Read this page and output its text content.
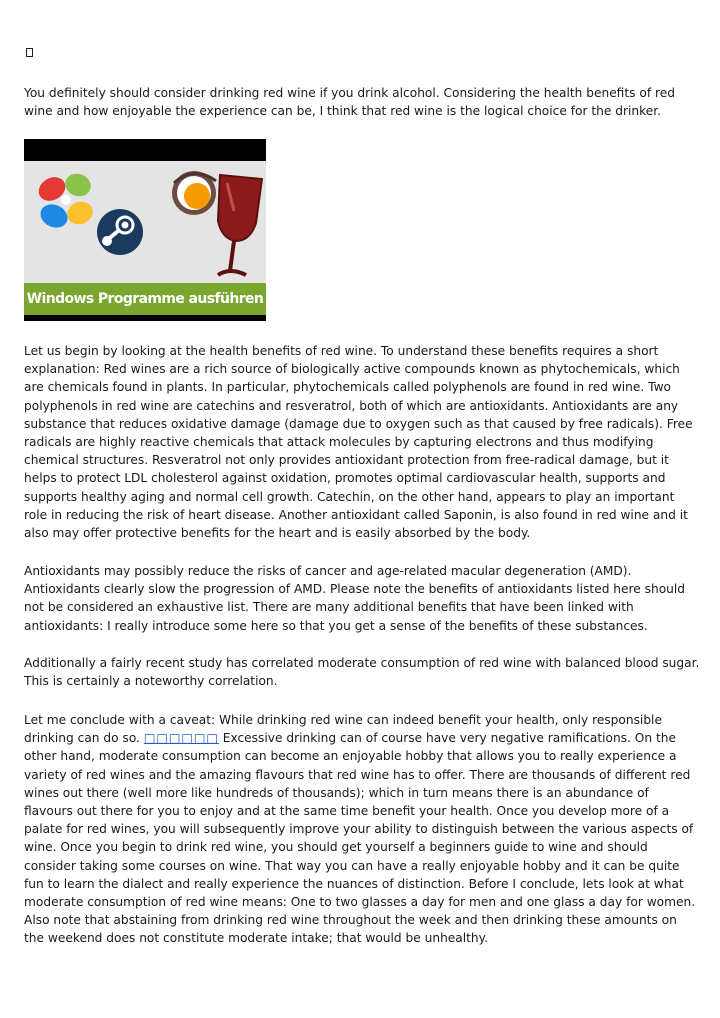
You definitely should consider drinking red wine if you drink alcohol. Considering the health benefits of red wine and how enjoyable the experience can be, I think that red wine is the logical choice for the drinker.

Windows Programme ausführen

Let us begin by looking at the health benefits of red wine. To understand these benefits requires a short explanation: Red wines are a rich source of biologically active compounds known as phytochemicals, which are chemicals found in plants. In particular, phytochemicals called polyphenols are found in red wine. Two polyphenols in red wine are catechins and resveratrol, both of which are antioxidants. Antioxidants are any substance that reduces oxidative damage (damage due to oxygen such as that caused by free radicals). Free radicals are highly reactive chemicals that attack molecules by capturing electrons and thus modifying chemical structures. Resveratrol not only provides antioxidant protection from free-radical damage, but it helps to protect LDL cholesterol against oxidation, promotes optimal cardiovascular health, supports and supports healthy aging and normal cell growth. Catechin, on the other hand, appears to play an important role in reducing the risk of heart disease. Another antioxidant called Saponin, is also found in red wine and it also may offer protective benefits for the heart and is easily absorbed by the body.

Antioxidants may possibly reduce the risks of cancer and age-related macular degeneration (AMD). Antioxidants clearly slow the progression of AMD. Please note the benefits of antioxidants listed here should not be considered an exhaustive list. There are many additional benefits that have been linked with antioxidants: I really introduce some here so that you get a sense of the benefits of these substances.

Additionally a fairly recent study has correlated moderate consumption of red wine with balanced blood sugar. This is certainly a noteworthy correlation.

Let me conclude with a caveat: While drinking red wine can indeed benefit your health, only responsible drinking can do so. □□□□□□ Excessive drinking can of course have very negative ramifications. On the other hand, moderate consumption can become an enjoyable hobby that allows you to really experience a variety of red wines and the amazing flavours that red wine has to offer. There are thousands of different red wines out there (well more like hundreds of thousands); which in turn means there is an abundance of flavours out there for you to enjoy and at the same time benefit your health. Once you develop more of a palate for red wines, you will subsequently improve your ability to distinguish between the various aspects of wine. Once you begin to drink red wine, you should get yourself a beginners guide to wine and should consider taking some courses on wine. That way you can have a really enjoyable hobby and it can be quite fun to learn the dialect and really experience the nuances of distinction. Before I conclude, lets look at what moderate consumption of red wine means: One to two glasses a day for men and one glass a day for women. Also note that abstaining from drinking red wine throughout the week and then drinking these amounts on the weekend does not constitute moderate intake; that would be unhealthy.
